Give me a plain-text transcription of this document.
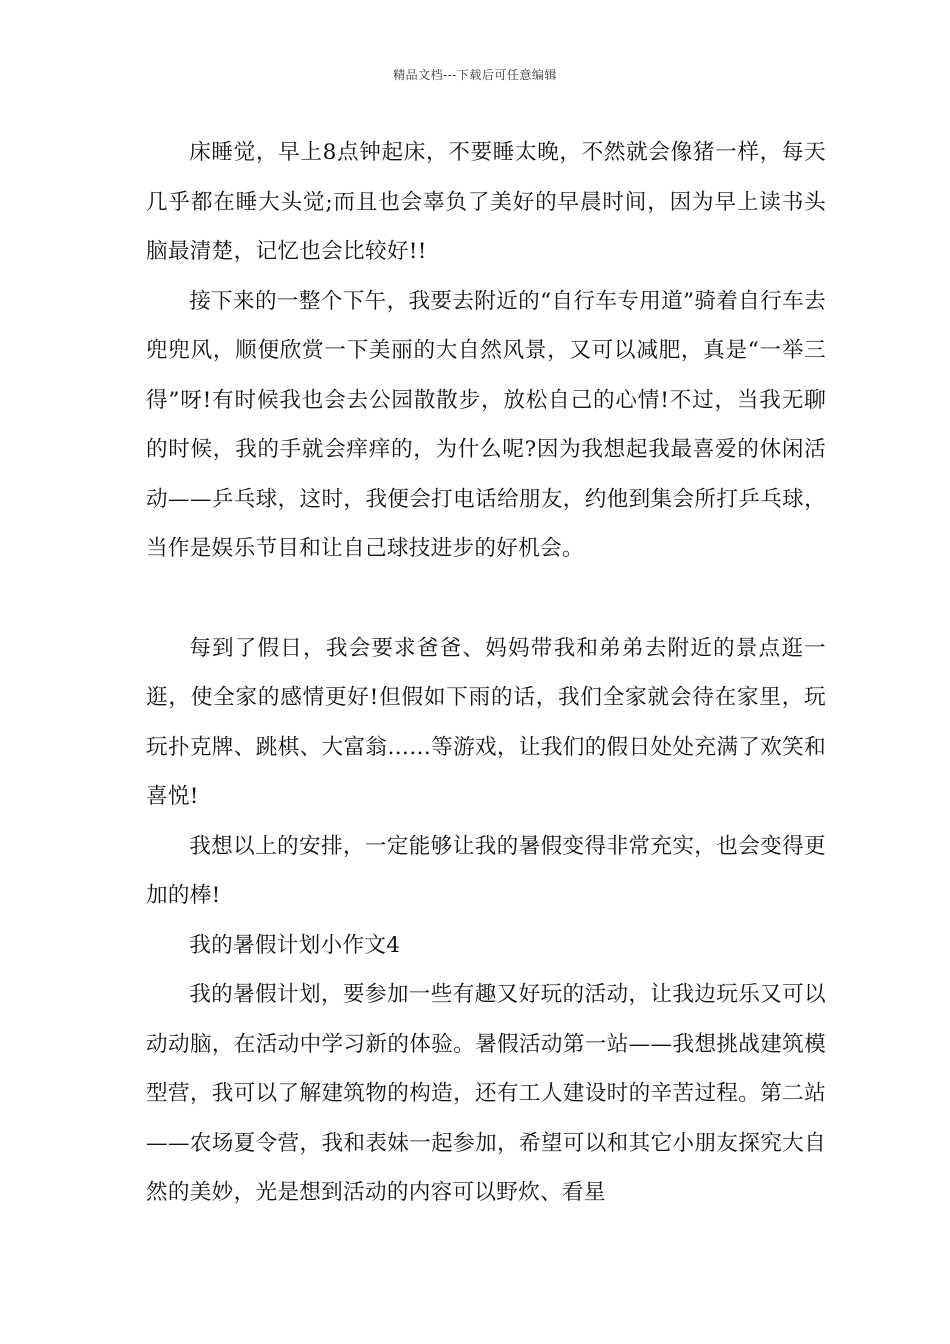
精品文档---下载后可任意编辑

床睡觉，早上8点钟起床，不要睡太晚，不然就会像猪一样，每天几乎都在睡大头觉;而且也会辜负了美好的早晨时间，因为早上读书头脑最清楚，记忆也会比较好!!

接下来的一整个下午，我要去附近的“自行车专用道”骑着自行车去兜兜风，顺便欣赏一下美丽的大自然风景，又可以减肥，真是“一举三得”呀!有时候我也会去公园散散步，放松自己的心情!不过，当我无聊的时候，我的手就会痒痒的，为什么呢?因为我想起我最喜爱的休闲活动——乒乓球，这时，我便会打电话给朋友，约他到集会所打乒乓球，当作是娱乐节目和让自己球技进步的好机会。

每到了假日，我会要求爸爸、妈妈带我和弟弟去附近的景点逛一逛，使全家的感情更好!但假如下雨的话，我们全家就会待在家里，玩玩扑克牌、跳棋、大富翁……等游戏，让我们的假日处处充满了欢笑和喜悦!

我想以上的安排，一定能够让我的暑假变得非常充实，也会变得更加的棒!

我的暑假计划小作文4

我的暑假计划，要参加一些有趣又好玩的活动，让我边玩乐又可以动动脑，在活动中学习新的体验。暑假活动第一站——我想挑战建筑模型营，我可以了解建筑物的构造，还有工人建设时的辛苦过程。第二站——农场夏令营，我和表妹一起参加，希望可以和其它小朋友探究大自然的美妙，光是想到活动的内容可以野炊、看星
